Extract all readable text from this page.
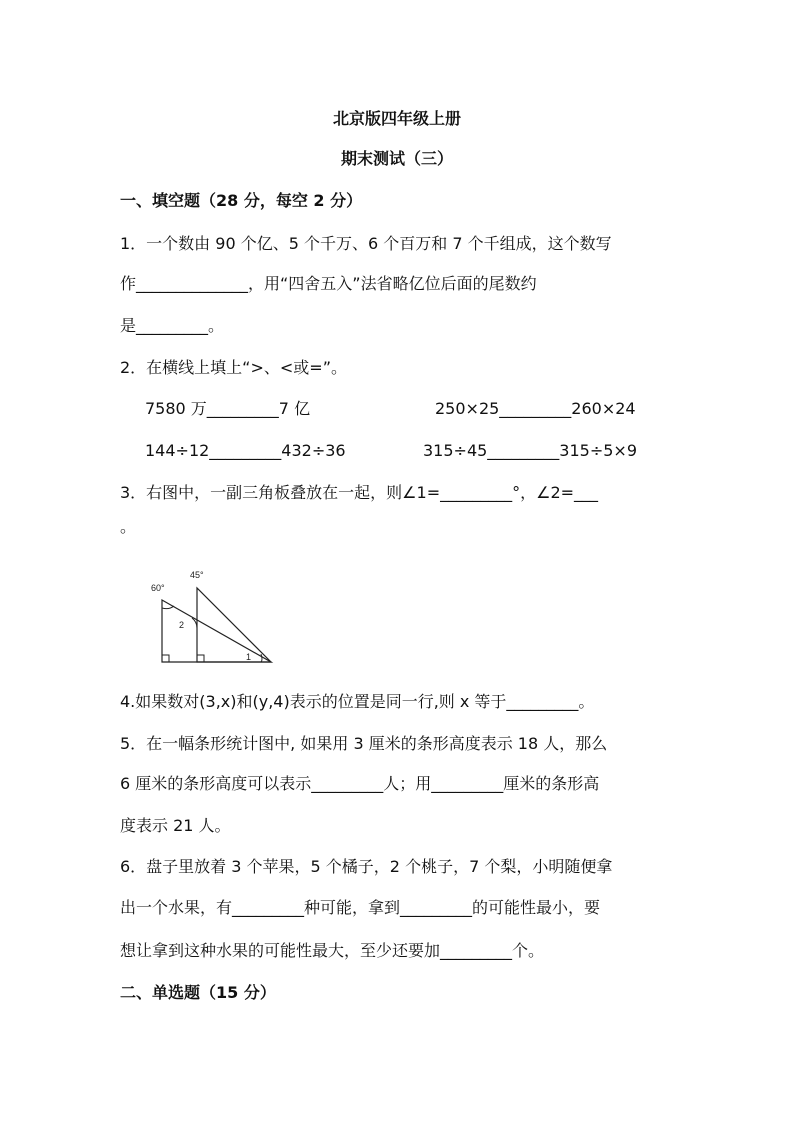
北京版四年级上册
期末测试（三）
一、填空题（28 分，每空 2 分）
1．一个数由 90 个亿、5 个千万、6 个百万和 7 个千组成，这个数写
作______________，用“四舍五入”法省略亿位后面的尾数约
是_________。
2．在横线上填上“>、<或=”。
7580 万_________7 亿	250×25_________260×24
144÷12_________432÷36	315÷45_________315÷5×9
3．右图中，一副三角板叠放在一起，则∠1=_________°，∠2=___
。
60°
45°
2
1
4.如果数对(3,x)和(y,4)表示的位置是同一行,则 x 等于_________。
5．在一幅条形统计图中, 如果用 3 厘米的条形高度表示 18 人，那么
6 厘米的条形高度可以表示_________人；用_________厘米的条形高
度表示 21 人。
6．盘子里放着 3 个苹果，5 个橘子，2 个桃子，7 个梨，小明随便拿
出一个水果，有_________种可能，拿到_________的可能性最小，要
想让拿到这种水果的可能性最大，至少还要加_________个。
二、单选题（15 分）
